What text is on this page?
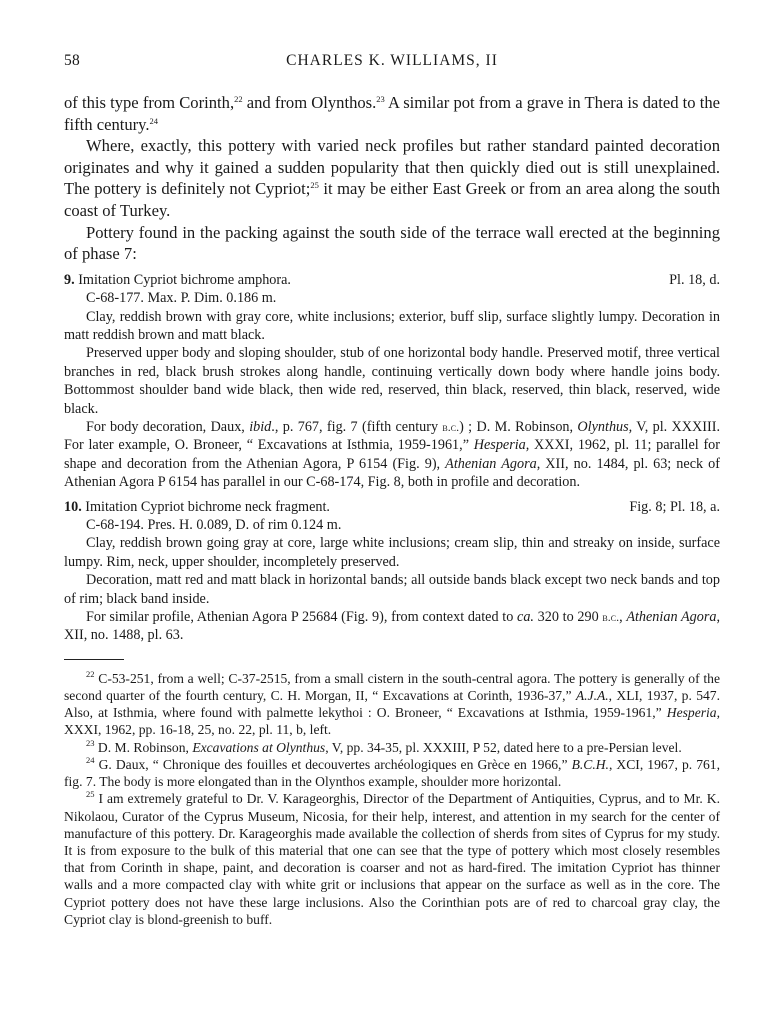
58	CHARLES K. WILLIAMS, II

of this type from Corinth,$^{22}$ and from Olynthos.$^{23}$ A similar pot from a grave in Thera is dated to the fifth century.$^{24}$

Where, exactly, this pottery with varied neck profiles but rather standard painted decoration originates and why it gained a sudden popularity that then quickly died out is still unexplained. The pottery is definitely not Cypriot;$^{25}$ it may be either East Greek or from an area along the south coast of Turkey.

Pottery found in the packing against the south side of the terrace wall erected at the beginning of phase 7:

9. Imitation Cypriot bichrome amphora.	Pl. 18, d.

C-68-177. Max. P. Dim. 0.186 m.

Clay, reddish brown with gray core, white inclusions; exterior, buff slip, surface slightly lumpy. Decoration in matt reddish brown and matt black.

Preserved upper body and sloping shoulder, stub of one horizontal body handle. Preserved motif, three vertical branches in red, black brush strokes along handle, continuing vertically down body where handle joins body. Bottommost shoulder band wide black, then wide red, reserved, thin black, reserved, thin black, reserved, wide black.

For body decoration, Daux, ibid., p. 767, fig. 7 (fifth century b.c.) ; D. M. Robinson, Olynthus, V, pl. XXXIII. For later example, O. Broneer, “ Excavations at Isthmia, 1959-1961,” Hesperia, XXXI, 1962, pl. 11; parallel for shape and decoration from the Athenian Agora, P 6154 (Fig. 9), Athenian Agora, XII, no. 1484, pl. 63; neck of Athenian Agora P 6154 has parallel in our C-68-174, Fig. 8, both in profile and decoration.

10. Imitation Cypriot bichrome neck fragment.	Fig. 8; Pl. 18, a.

C-68-194. Pres. H. 0.089, D. of rim 0.124 m.

Clay, reddish brown going gray at core, large white inclusions; cream slip, thin and streaky on inside, surface lumpy. Rim, neck, upper shoulder, incompletely preserved.

Decoration, matt red and matt black in horizontal bands; all outside bands black except two neck bands and top of rim; black band inside.

For similar profile, Athenian Agora P 25684 (Fig. 9), from context dated to ca. 320 to 290 b.c., Athenian Agora, XII, no. 1488, pl. 63.

$^{22}$ C-53-251, from a well; C-37-2515, from a small cistern in the south-central agora. The pottery is generally of the second quarter of the fourth century, C. H. Morgan, II, “ Excavations at Corinth, 1936-37,” A.J.A., XLI, 1937, p. 547. Also, at Isthmia, where found with palmette lekythoi : O. Broneer, “ Excavations at Isthmia, 1959-1961,” Hesperia, XXXI, 1962, pp. 16-18, 25, no. 22, pl. 11, b, left.

$^{23}$ D. M. Robinson, Excavations at Olynthus, V, pp. 34-35, pl. XXXIII, P 52, dated here to a pre-Persian level.

$^{24}$ G. Daux, “ Chronique des fouilles et decouvertes archéologiques en Grèce en 1966,” B.C.H., XCI, 1967, p. 761, fig. 7. The body is more elongated than in the Olynthos example, shoulder more horizontal.

$^{25}$ I am extremely grateful to Dr. V. Karageorghis, Director of the Department of Antiquities, Cyprus, and to Mr. K. Nikolaou, Curator of the Cyprus Museum, Nicosia, for their help, interest, and attention in my search for the center of manufacture of this pottery. Dr. Karageorghis made available the collection of sherds from sites of Cyprus for my study. It is from exposure to the bulk of this material that one can see that the type of pottery which most closely resembles that from Corinth in shape, paint, and decoration is coarser and not as hard-fired. The imitation Cypriot has thinner walls and a more compacted clay with white grit or inclusions that appear on the surface as well as in the core. The Cypriot pottery does not have these large inclusions. Also the Corinthian pots are of red to charcoal gray clay, the Cypriot clay is blond-greenish to buff.
